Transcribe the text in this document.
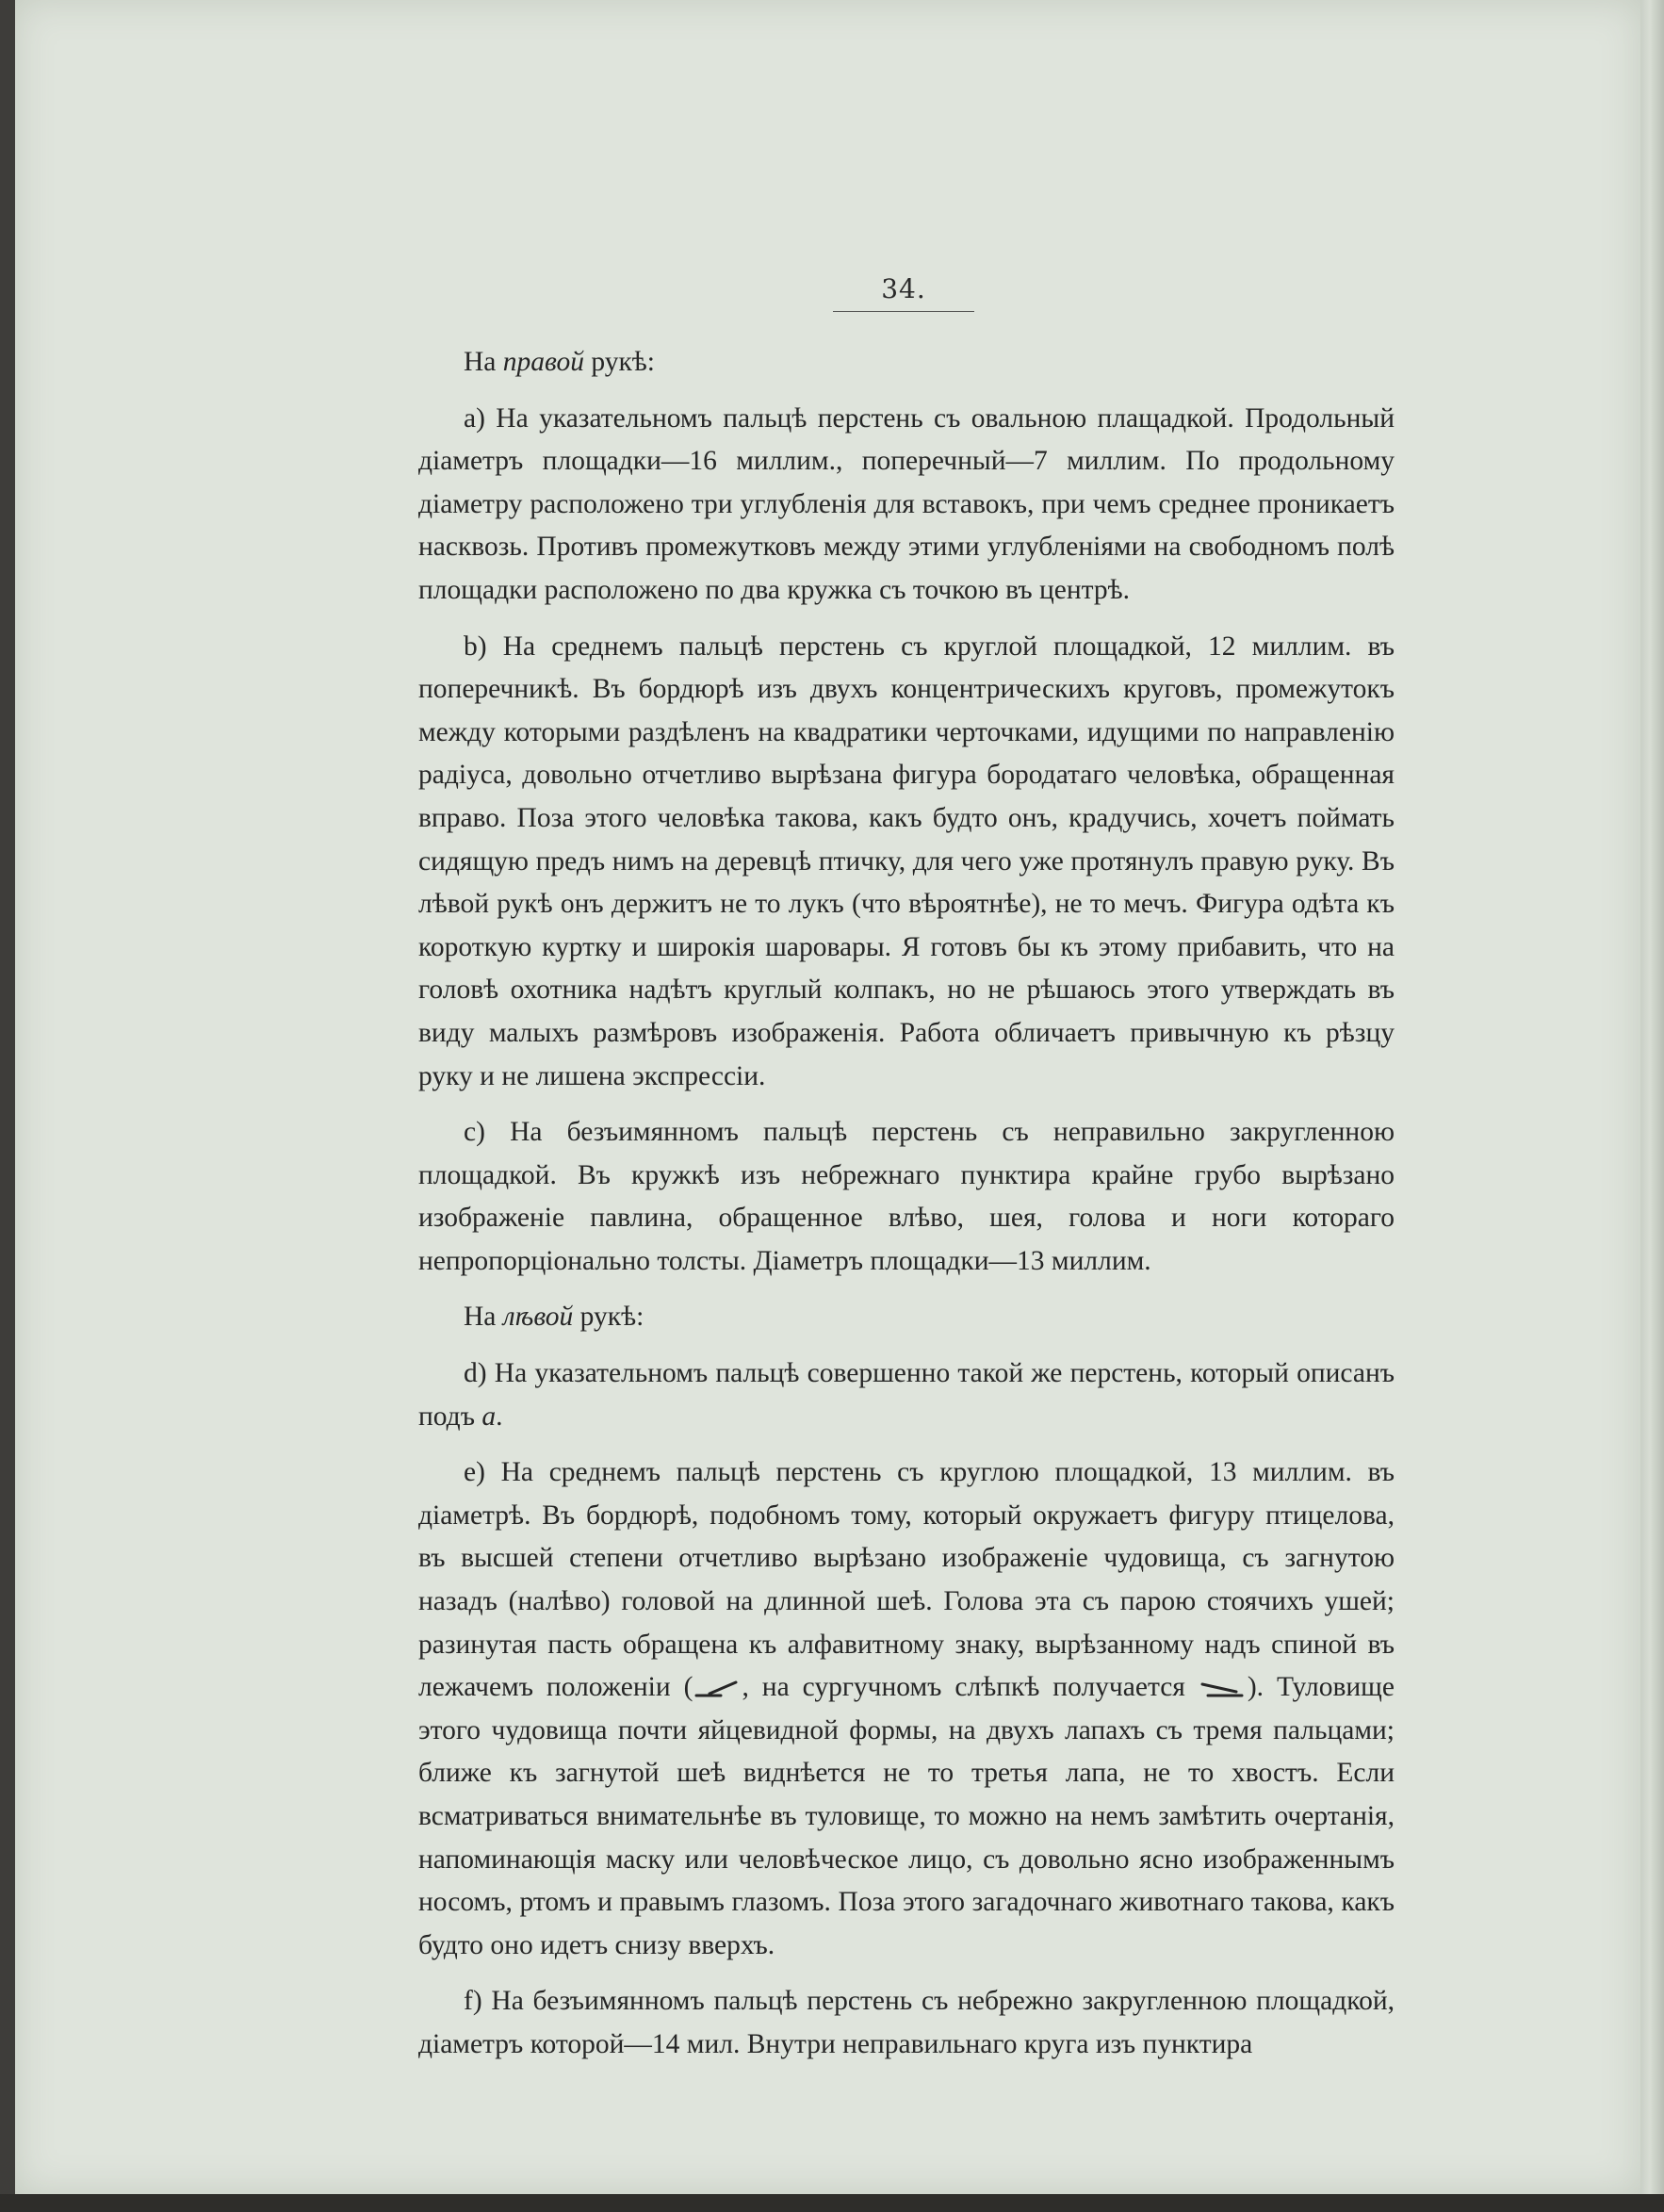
34.

На правой рукѣ:

а) На указательномъ пальцѣ перстень съ овальною плащадкой. Продольный діаметръ площадки—16 миллим., поперечный—7 миллим. По продольному діаметру расположено три углубленія для вставокъ, при чемъ среднее проникаетъ насквозь. Противъ промежутковъ между этими углубленіями на свободномъ полѣ площадки расположено по два кружка съ точкою въ центрѣ.

b) На среднемъ пальцѣ перстень съ круглой площадкой, 12 миллим. въ поперечникѣ. Въ бордюрѣ изъ двухъ концентрическихъ круговъ, промежутокъ между которыми раздѣленъ на квадратики черточками, идущими по направленію радіуса, довольно отчетливо вырѣзана фигура бородатаго человѣка, обращенная вправо. Поза этого человѣка такова, какъ будто онъ, крадучись, хочетъ поймать сидящую предъ нимъ на деревцѣ птичку, для чего уже протянулъ правую руку. Въ лѣвой рукѣ онъ держитъ не то лукъ (что вѣроятнѣе), не то мечъ. Фигура одѣта къ короткую куртку и широкія шаровары. Я готовъ бы къ этому прибавить, что на головѣ охотника надѣтъ круглый колпакъ, но не рѣшаюсь этого утверждать въ виду малыхъ размѣровъ изображенія. Работа обличаетъ привычную къ рѣзцу руку и не лишена экспрессіи.

c) На безъимянномъ пальцѣ перстень съ неправильно закругленною площадкой. Въ кружкѣ изъ небрежнаго пунктира крайне грубо вырѣзано изображеніе павлина, обращенное влѣво, шея, голова и ноги котораго непропорціонально толсты. Діаметръ площадки—13 миллим.

На лѣвой рукѣ:

d) На указательномъ пальцѣ совершенно такой же перстень, который описанъ подъ a.

e) На среднемъ пальцѣ перстень съ круглою площадкой, 13 миллим. въ діаметрѣ. Въ бордюрѣ, подобномъ тому, который окружаетъ фигуру птицелова, въ высшей степени отчетливо вырѣзано изображеніе чудовища, съ загнутою назадъ (налѣво) головой на длинной шеѣ. Голова эта съ парою стоячихъ ушей; разинутая пасть обращена къ алфавитному знаку, вырѣзанному надъ спиной въ лежачемъ положеніи ( , на сургучномъ слѣпкѣ получается ). Туловище этого чудовища почти яйцевидной формы, на двухъ лапахъ съ тремя пальцами; ближе къ загнутой шеѣ виднѣется не то третья лапа, не то хвостъ. Если всматриваться внимательнѣе въ туловище, то можно на немъ замѣтить очертанія, напоминающія маску или человѣческое лицо, съ довольно ясно изображеннымъ носомъ, ртомъ и правымъ глазомъ. Поза этого загадочнаго животнаго такова, какъ будто оно идетъ снизу вверхъ.

f) На безъимянномъ пальцѣ перстень съ небрежно закругленною площадкой, діаметръ которой—14 мил. Внутри неправильнаго круга изъ пунктира
